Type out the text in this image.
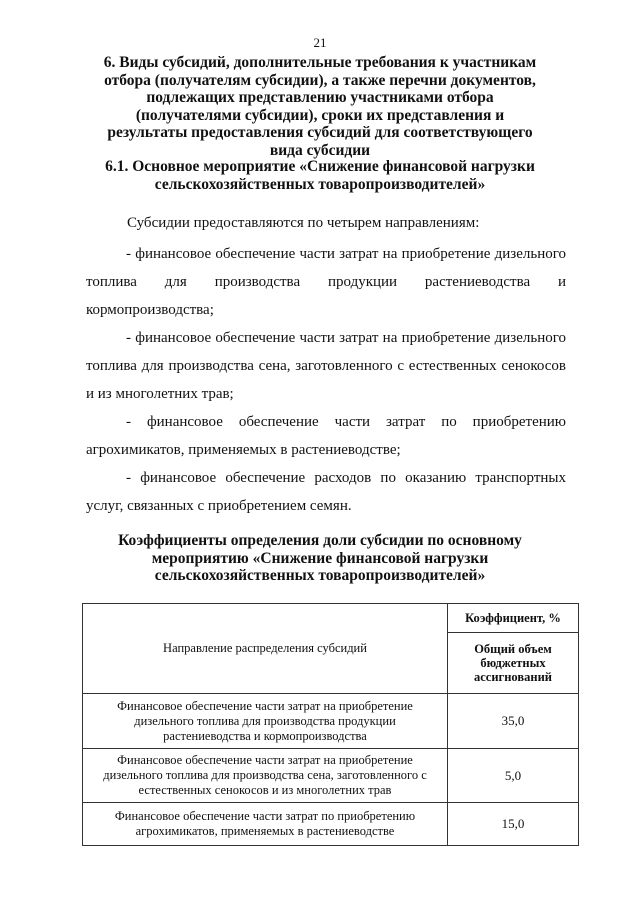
21
6. Виды субсидий, дополнительные требования к участникам отбора (получателям субсидии), а также перечни документов, подлежащих представлению участниками отбора (получателями субсидии), сроки их представления и результаты предоставления субсидий для соответствующего вида субсидии
6.1. Основное мероприятие «Снижение финансовой нагрузки сельскохозяйственных товаропроизводителей»
Субсидии предоставляются по четырем направлениям:

- финансовое обеспечение части затрат на приобретение дизельного топлива для производства продукции растениеводства и кормопроизводства;

- финансовое обеспечение части затрат на приобретение дизельного топлива для производства сена, заготовленного с естественных сенокосов и из многолетних трав;

- финансовое обеспечение части затрат по приобретению агрохимикатов, применяемых в растениеводстве;

- финансовое обеспечение расходов по оказанию транспортных услуг, связанных с приобретением семян.

Коэффициенты определения доли субсидии по основному мероприятию «Снижение финансовой нагрузки сельскохозяйственных товаропроизводителей»
Направление распределения субсидий	Коэффициент, %
	Общий объем бюджетных ассигнований
Финансовое обеспечение части затрат на приобретение дизельного топлива для производства продукции растениеводства и кормопроизводства	35,0
Финансовое обеспечение части затрат на приобретение дизельного топлива для производства сена, заготовленного с естественных сенокосов и из многолетних трав	5,0
Финансовое обеспечение части затрат по приобретению агрохимикатов, применяемых в растениеводстве	15,0
